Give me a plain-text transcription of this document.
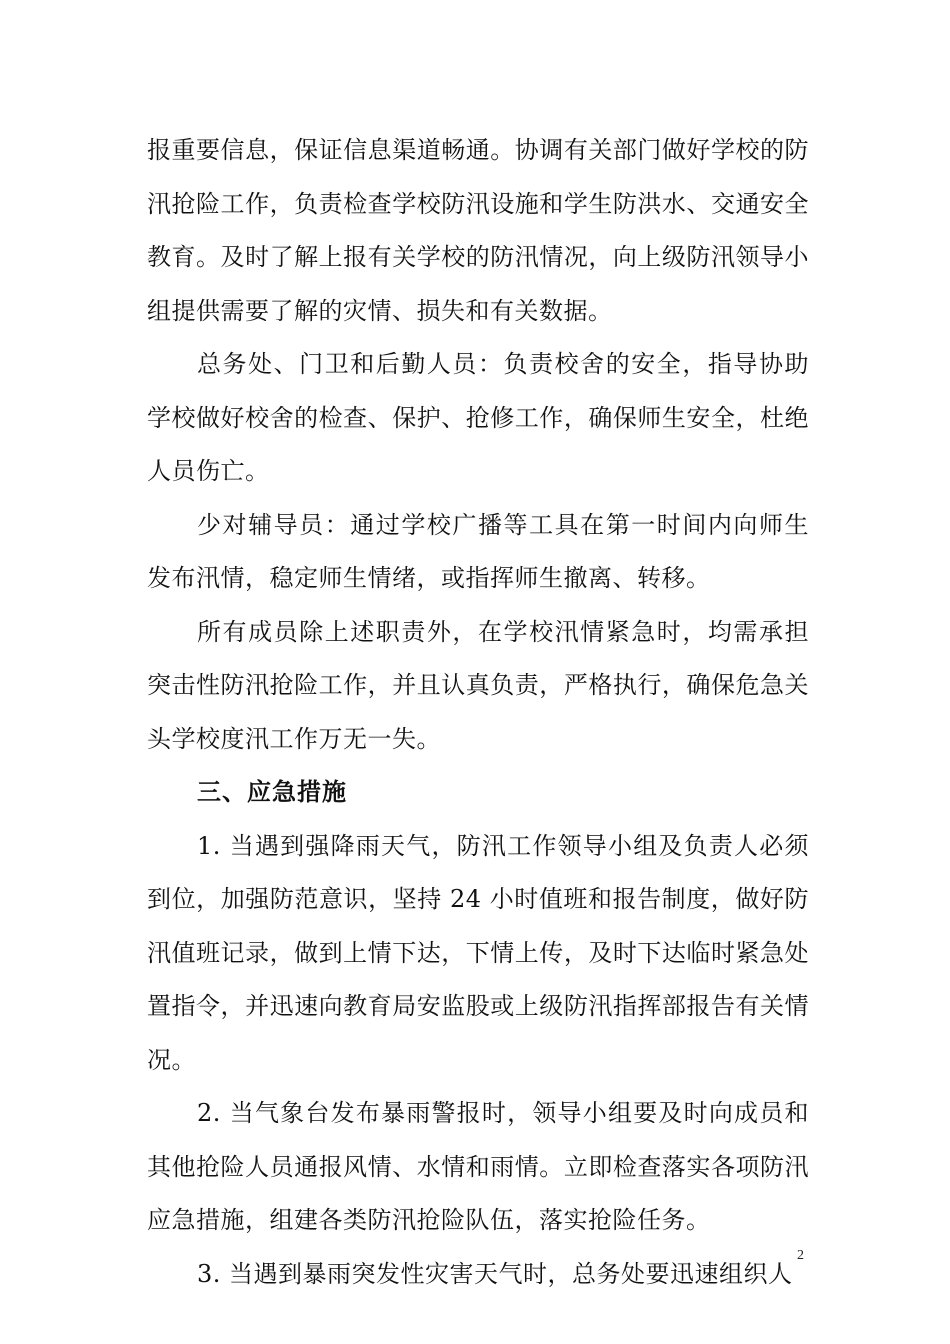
报重要信息，保证信息渠道畅通。协调有关部门做好学校的防汛抢险工作，负责检查学校防汛设施和学生防洪水、交通安全教育。及时了解上报有关学校的防汛情况，向上级防汛领导小组提供需要了解的灾情、损失和有关数据。

总务处、门卫和后勤人员：负责校舍的安全，指导协助学校做好校舍的检查、保护、抢修工作，确保师生安全，杜绝人员伤亡。

少对辅导员：通过学校广播等工具在第一时间内向师生发布汛情，稳定师生情绪，或指挥师生撤离、转移。

所有成员除上述职责外，在学校汛情紧急时，均需承担突击性防汛抢险工作，并且认真负责，严格执行，确保危急关头学校度汛工作万无一失。

三、应急措施

1. 当遇到强降雨天气，防汛工作领导小组及负责人必须到位，加强防范意识，坚持 24 小时值班和报告制度，做好防汛值班记录，做到上情下达，下情上传，及时下达临时紧急处置指令，并迅速向教育局安监股或上级防汛指挥部报告有关情况。

2. 当气象台发布暴雨警报时，领导小组要及时向成员和其他抢险人员通报风情、水情和雨情。立即检查落实各项防汛应急措施，组建各类防汛抢险队伍，落实抢险任务。

3. 当遇到暴雨突发性灾害天气时，总务处要迅速组织人

2
